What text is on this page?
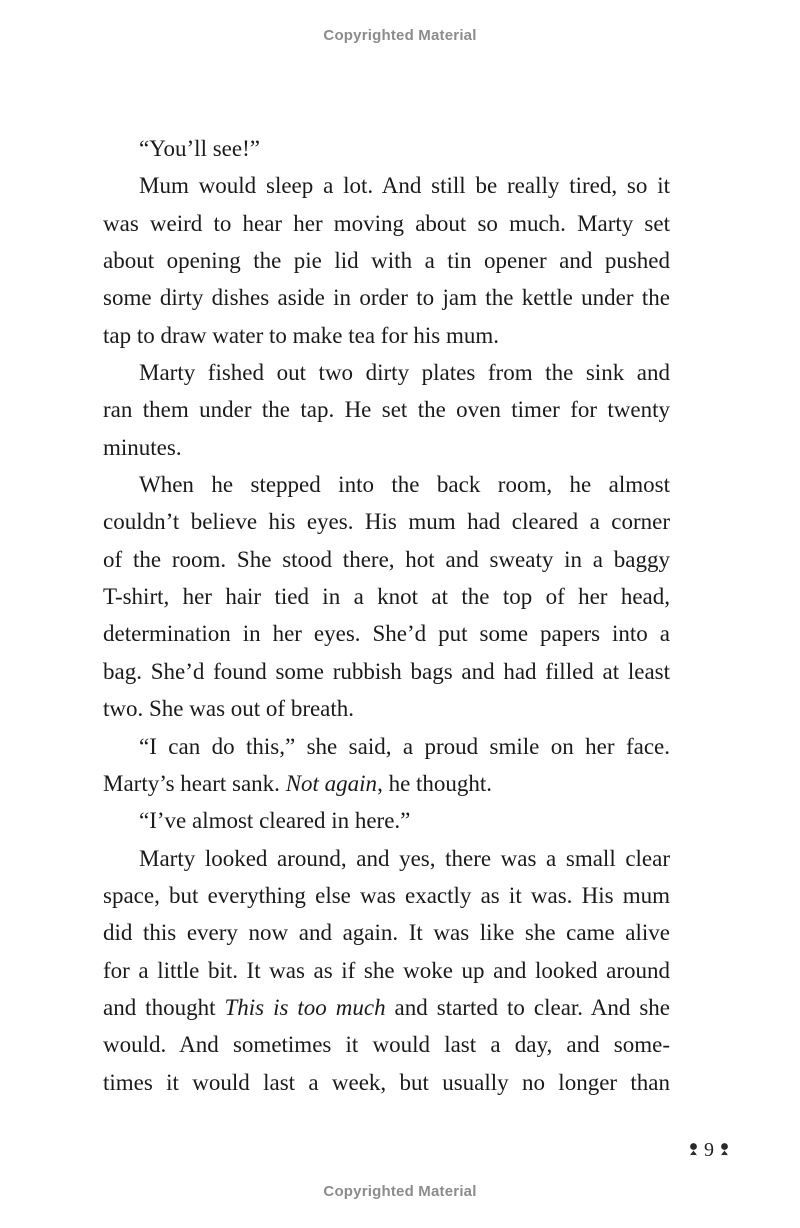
Copyrighted Material
“You’ll see!”
Mum would sleep a lot. And still be really tired, so it
was weird to hear her moving about so much. Marty set
about opening the pie lid with a tin opener and pushed
some dirty dishes aside in order to jam the kettle under the
tap to draw water to make tea for his mum.
Marty fished out two dirty plates from the sink and
ran them under the tap. He set the oven timer for twenty
minutes.
When he stepped into the back room, he almost
couldn’t believe his eyes. His mum had cleared a corner
of the room. She stood there, hot and sweaty in a baggy
T-shirt, her hair tied in a knot at the top of her head,
determination in her eyes. She’d put some papers into a
bag. She’d found some rubbish bags and had filled at least
two. She was out of breath.
“I can do this,” she said, a proud smile on her face.
Marty’s heart sank. Not again, he thought.
“I’ve almost cleared in here.”
Marty looked around, and yes, there was a small clear
space, but everything else was exactly as it was. His mum
did this every now and again. It was like she came alive
for a little bit. It was as if she woke up and looked around
and thought This is too much and started to clear. And she
would. And sometimes it would last a day, and some-
times it would last a week, but usually no longer than
9
Copyrighted Material
